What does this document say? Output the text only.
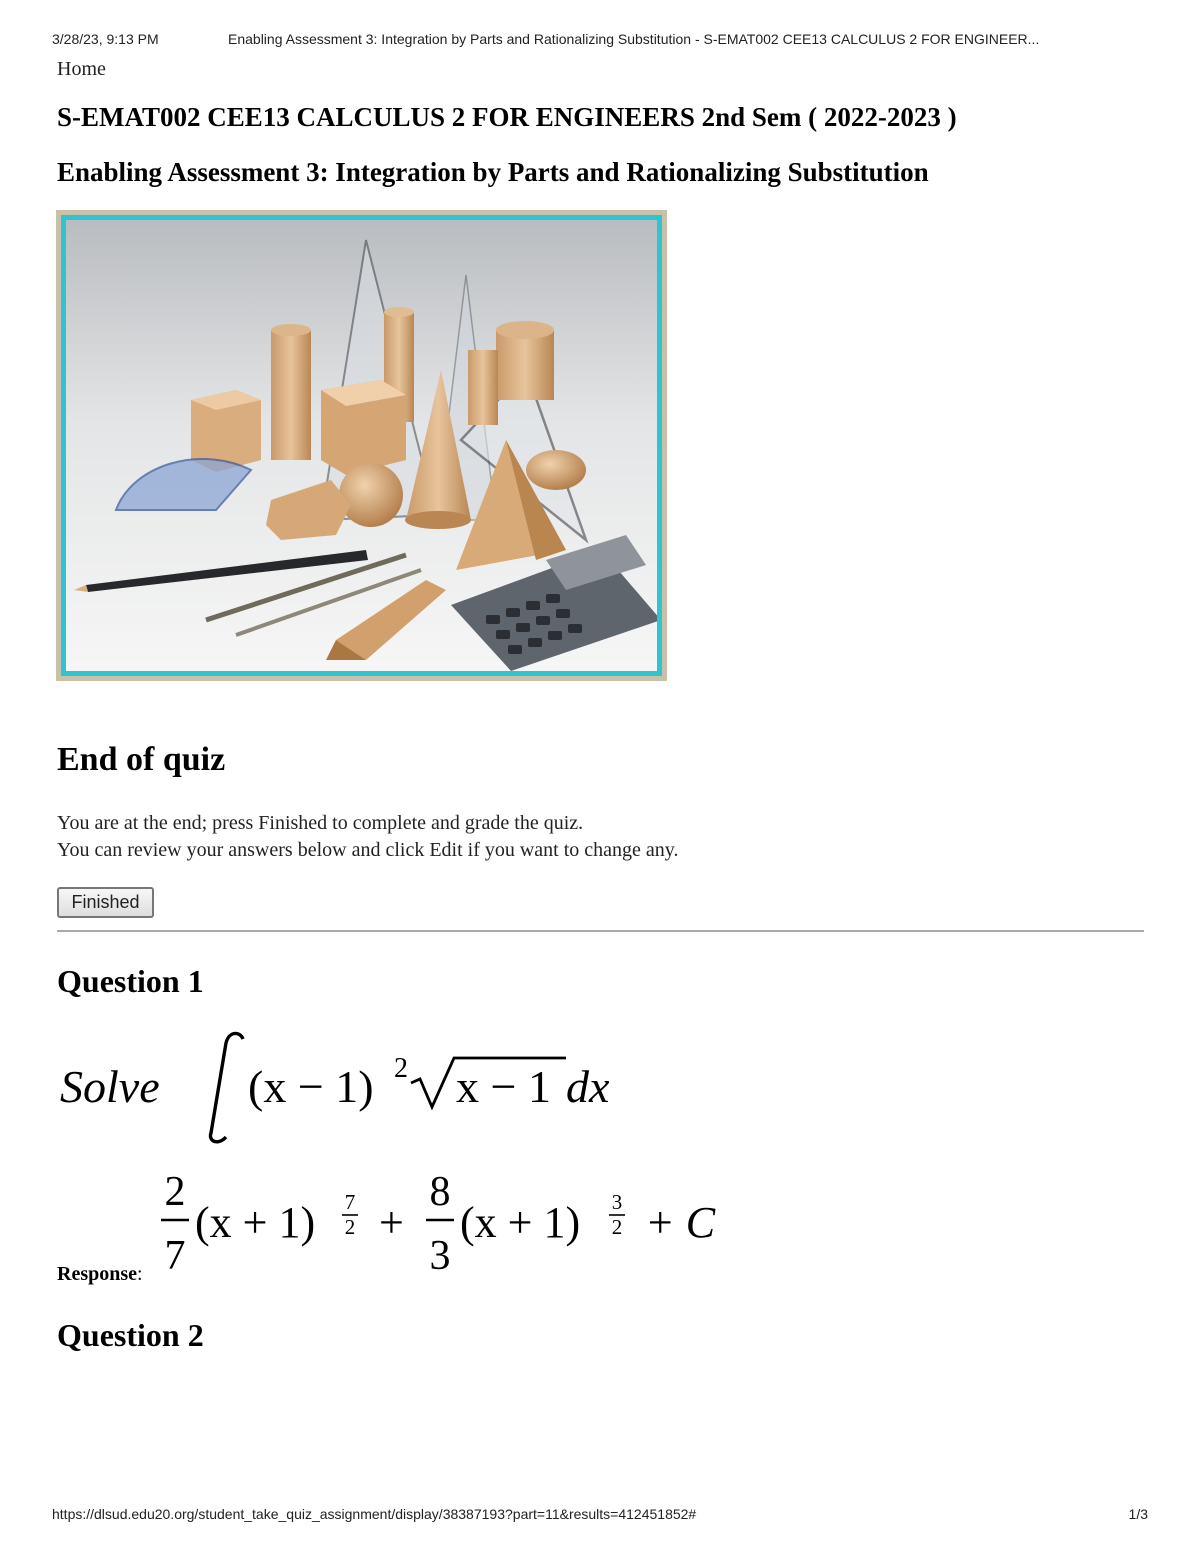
3/28/23, 9:13 PM	Enabling Assessment 3: Integration by Parts and Rationalizing Substitution - S-EMAT002 CEE13 CALCULUS 2 FOR ENGINEER...
Home
S-EMAT002 CEE13 CALCULUS 2 FOR ENGINEERS 2nd Sem ( 2022-2023 )
Enabling Assessment 3: Integration by Parts and Rationalizing Substitution
End of quiz
You are at the end; press Finished to complete and grade the quiz.
You can review your answers below and click Edit if you want to change any.
Finished
Question 1
Solve (x − 1) 2 x − 1 dx
Response:
2
7
(x + 1) 7
2 +
8
3
(x + 1) 3
2 + C
Question 2
https://dlsud.edu20.org/student_take_quiz_assignment/display/38387193?part=11&results=412451852#	1/3
